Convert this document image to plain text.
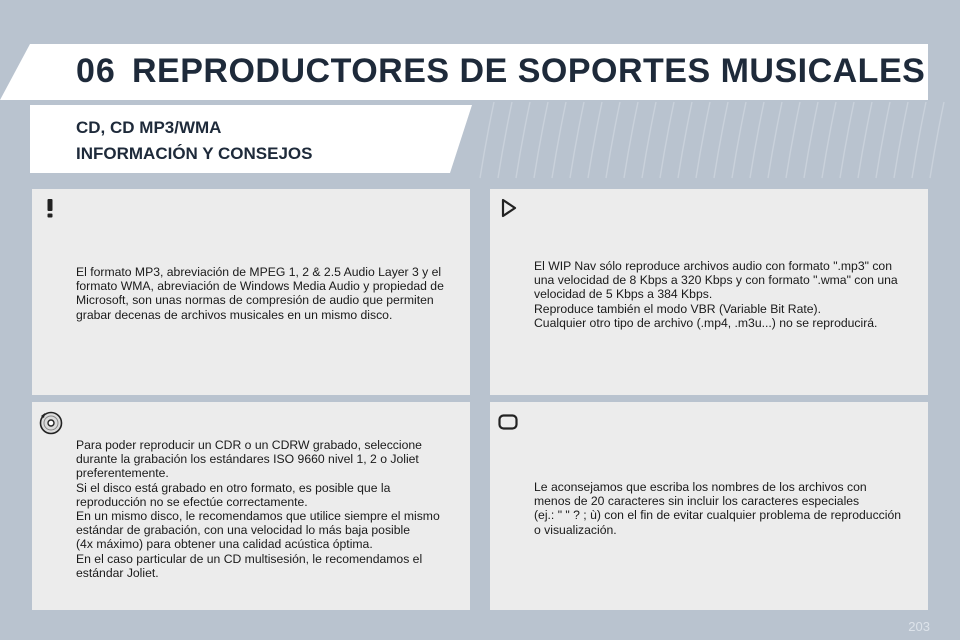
06 REPRODUCTORES DE SOPORTES MUSICALES
CD, CD MP3/WMA
INFORMACIÓN Y CONSEJOS

El formato MP3, abreviación de MPEG 1, 2 & 2.5 Audio Layer 3 y el

formato WMA, abreviación de Windows Media Audio y propiedad de

Microsoft, son unas normas de compresión de audio que permiten

grabar decenas de archivos musicales en un mismo disco.

El WIP Nav sólo reproduce archivos audio con formato ".mp3" con

una velocidad de 8 Kbps a 320 Kbps y con formato ".wma" con una

velocidad de 5 Kbps a 384 Kbps.

Reproduce también el modo VBR (Variable Bit Rate).

Cualquier otro tipo de archivo (.mp4, .m3u...) no se reproducirá.

Para poder reproducir un CDR o un CDRW grabado, seleccione

durante la grabación los estándares ISO 9660 nivel 1, 2 o Joliet

preferentemente.

Si el disco está grabado en otro formato, es posible que la

reproducción no se efectúe correctamente.

En un mismo disco, le recomendamos que utilice siempre el mismo

estándar de grabación, con una velocidad lo más baja posible

(4x máximo) para obtener una calidad acústica óptima.

En el caso particular de un CD multisesión, le recomendamos el

estándar Joliet.

Le aconsejamos que escriba los nombres de los archivos con

menos de 20 caracteres sin incluir los caracteres especiales

(ej.: " " ? ; ù) con el fin de evitar cualquier problema de reproducción

o visualización.

203
